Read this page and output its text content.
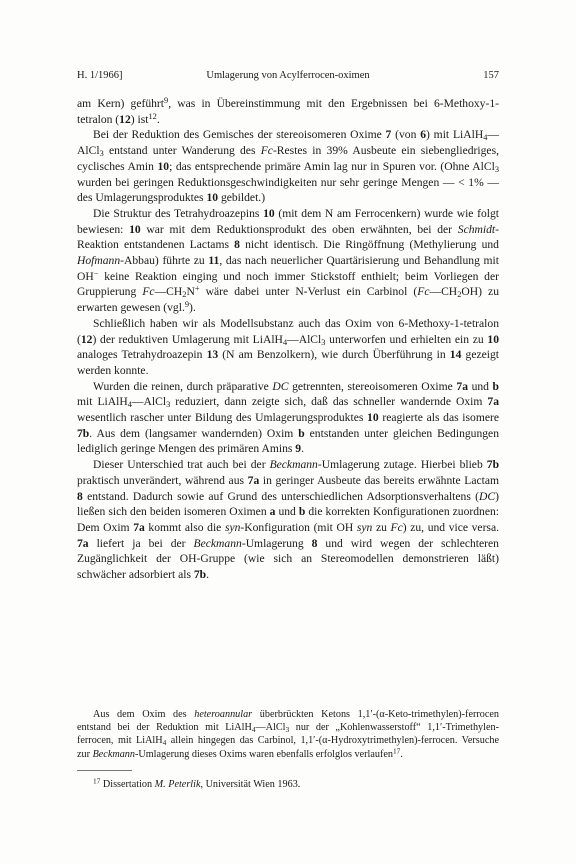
H. 1/1966]	Umlagerung von Acylferrocen-oximen	157

am Kern) geführt$^9$, was in Übereinstimmung mit den Ergebnissen bei 6-Methoxy-1-tetralon (12) ist$^{12}$.

Bei der Reduktion des Gemisches der stereoisomeren Oxime 7 (von 6) mit LiAlH$_4$—AlCl$_3$ entstand unter Wanderung des Fc-Restes in 39% Ausbeute ein siebengliedriges, cyclisches Amin 10; das entsprechende primäre Amin lag nur in Spuren vor. (Ohne AlCl$_3$ wurden bei geringen Reduktionsgeschwindigkeiten nur sehr geringe Mengen — < 1% — des Umlagerungsproduktes 10 gebildet.)

Die Struktur des Tetrahydroazepins 10 (mit dem N am Ferrocenkern) wurde wie folgt bewiesen: 10 war mit dem Reduktionsprodukt des oben erwähnten, bei der Schmidt-Reaktion entstandenen Lactams 8 nicht identisch. Die Ringöffnung (Methylierung und Hofmann-Abbau) führte zu 11, das nach neuerlicher Quartärisierung und Behandlung mit OH− keine Reaktion einging und noch immer Stickstoff enthielt; beim Vorliegen der Gruppierung $Fc—CH_2N^+$ wäre dabei unter N-Verlust ein Carbinol $(Fc—CH_2OH)$ zu erwarten gewesen (vgl.$^9$).

Schließlich haben wir als Modellsubstanz auch das Oxim von 6-Methoxy-1-tetralon (12) der reduktiven Umlagerung mit LiAlH$_4$—AlCl$_3$ unterworfen und erhielten ein zu 10 analoges Tetrahydroazepin 13 (N am Benzolkern), wie durch Überführung in 14 gezeigt werden konnte.

Wurden die reinen, durch präparative DC getrennten, stereoisomeren Oxime 7a und b mit LiAlH$_4$—AlCl$_3$ reduziert, dann zeigte sich, daß das schneller wandernde Oxim 7a wesentlich rascher unter Bildung des Umlagerungsproduktes 10 reagierte als das isomere 7b. Aus dem (langsamer wandernden) Oxim b entstanden unter gleichen Bedingungen lediglich geringe Mengen des primären Amins 9.

Dieser Unterschied trat auch bei der Beckmann-Umlagerung zutage. Hierbei blieb 7b praktisch unverändert, während aus 7a in geringer Ausbeute das bereits erwähnte Lactam 8 entstand. Dadurch sowie auf Grund des unterschiedlichen Adsorptionsverhaltens (DC) ließen sich den beiden isomeren Oximen a und b die korrekten Konfigurationen zuordnen: Dem Oxim 7a kommt also die syn-Konfiguration (mit OH syn zu Fc) zu, und vice versa. 7a liefert ja bei der Beckmann-Umlagerung 8 und wird wegen der schlechteren Zugänglichkeit der OH-Gruppe (wie sich an Stereomodellen demonstrieren läßt) schwächer adsorbiert als 7b.

Aus dem Oxim des heteroannular überbrückten Ketons 1,1′-(α-Keto-trimethylen)-ferrocen entstand bei der Reduktion mit LiAlH$_4$—AlCl$_3$ nur der „Kohlenwasserstoff“ 1,1′-Trimethylen-ferrocen, mit LiAlH$_4$ allein hingegen das Carbinol, 1,1′-(α-Hydroxytrimethylen)-ferrocen. Versuche zur Beckmann-Umlagerung dieses Oxims waren ebenfalls erfolglos verlaufen$^{17}$.

$^{17}$ Dissertation M. Peterlik, Universität Wien 1963.
